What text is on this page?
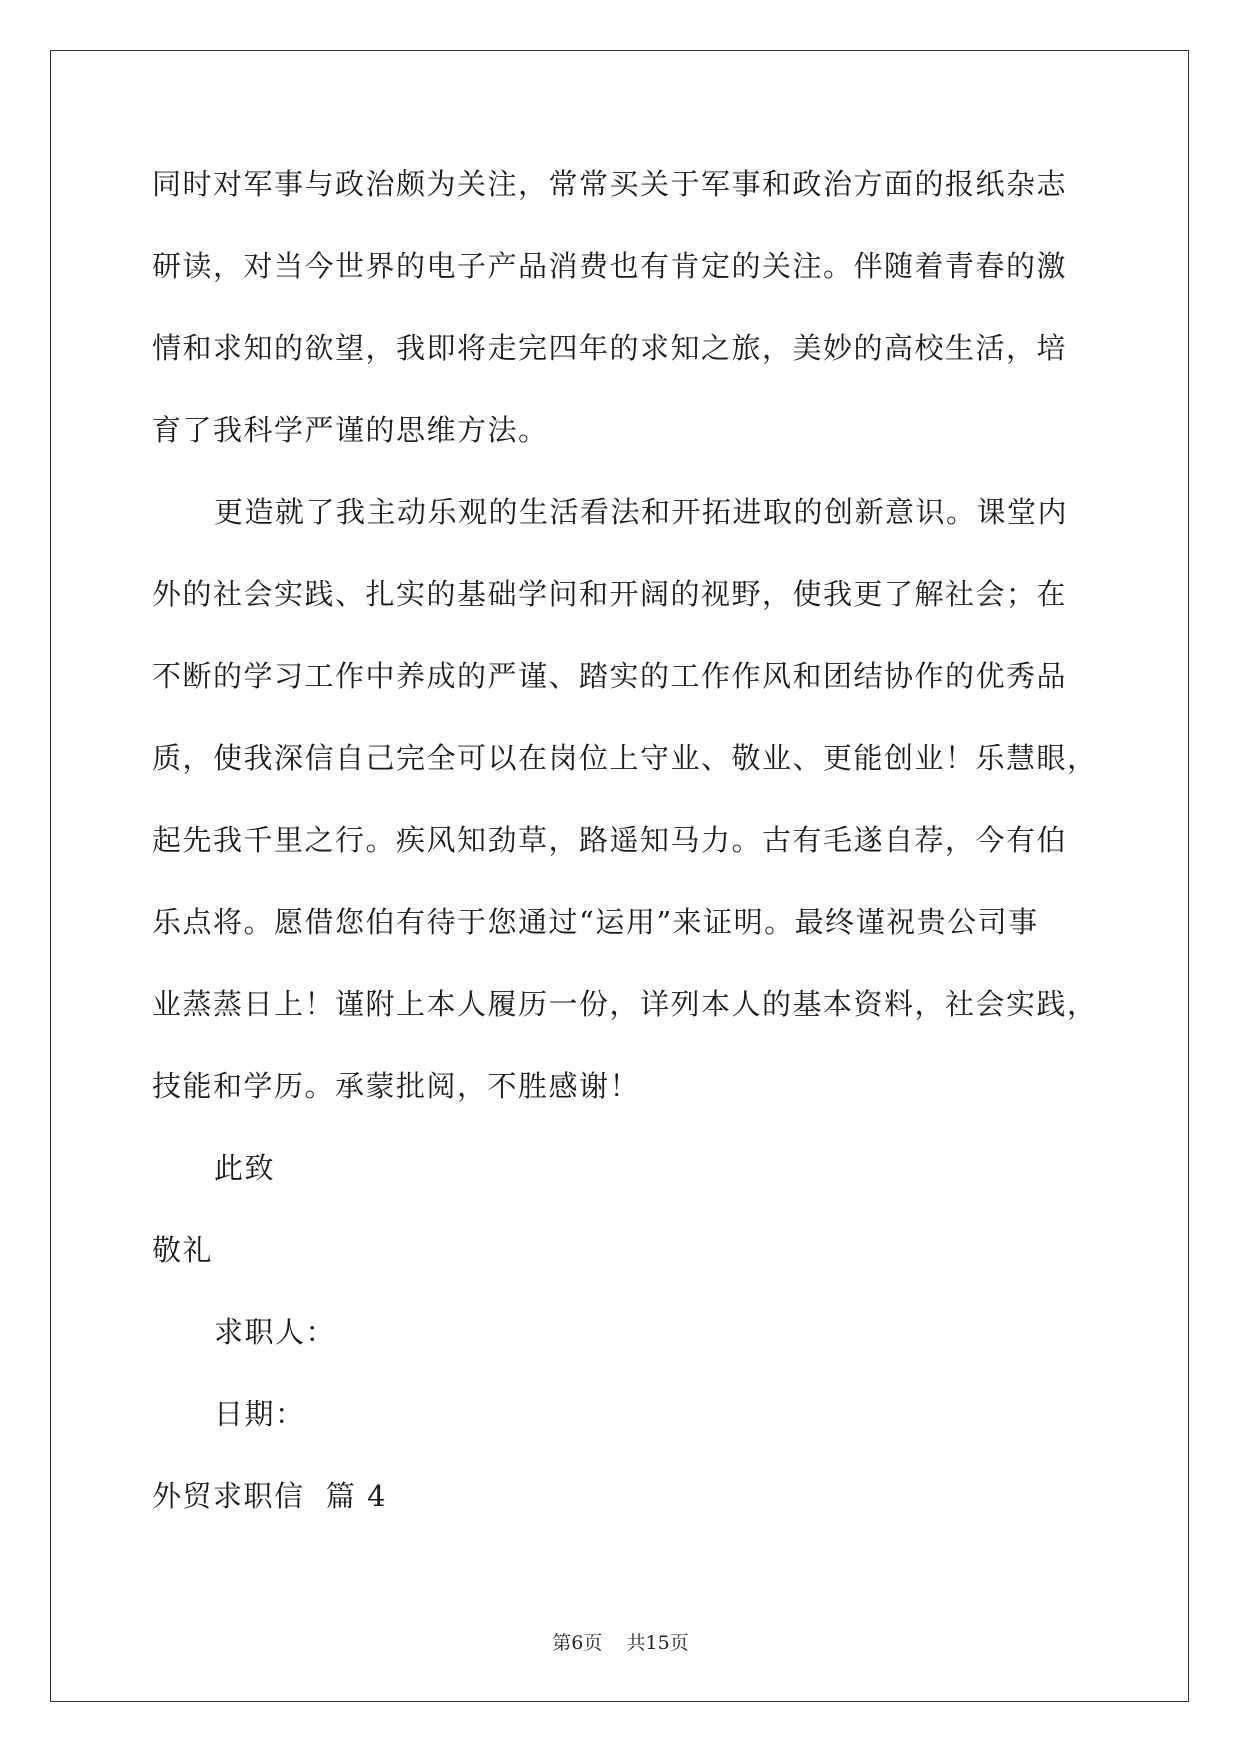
同时对军事与政治颇为关注，常常买关于军事和政治方面的报纸杂志
研读，对当今世界的电子产品消费也有肯定的关注。伴随着青春的激
情和求知的欲望，我即将走完四年的求知之旅，美妙的高校生活，培
育了我科学严谨的思维方法。
更造就了我主动乐观的生活看法和开拓进取的创新意识。课堂内
外的社会实践、扎实的基础学问和开阔的视野，使我更了解社会；在
不断的学习工作中养成的严谨、踏实的工作作风和团结协作的优秀品
质，使我深信自己完全可以在岗位上守业、敬业、更能创业！乐慧眼，
起先我千里之行。疾风知劲草，路遥知马力。古有毛遂自荐，今有伯
乐点将。愿借您伯有待于您通过“运用”来证明。最终谨祝贵公司事
业蒸蒸日上！谨附上本人履历一份，详列本人的基本资料，社会实践，
技能和学历。承蒙批阅，不胜感谢！
此致
敬礼
求职人：
日期：
外贸求职信  篇 4
第6页 共15页
